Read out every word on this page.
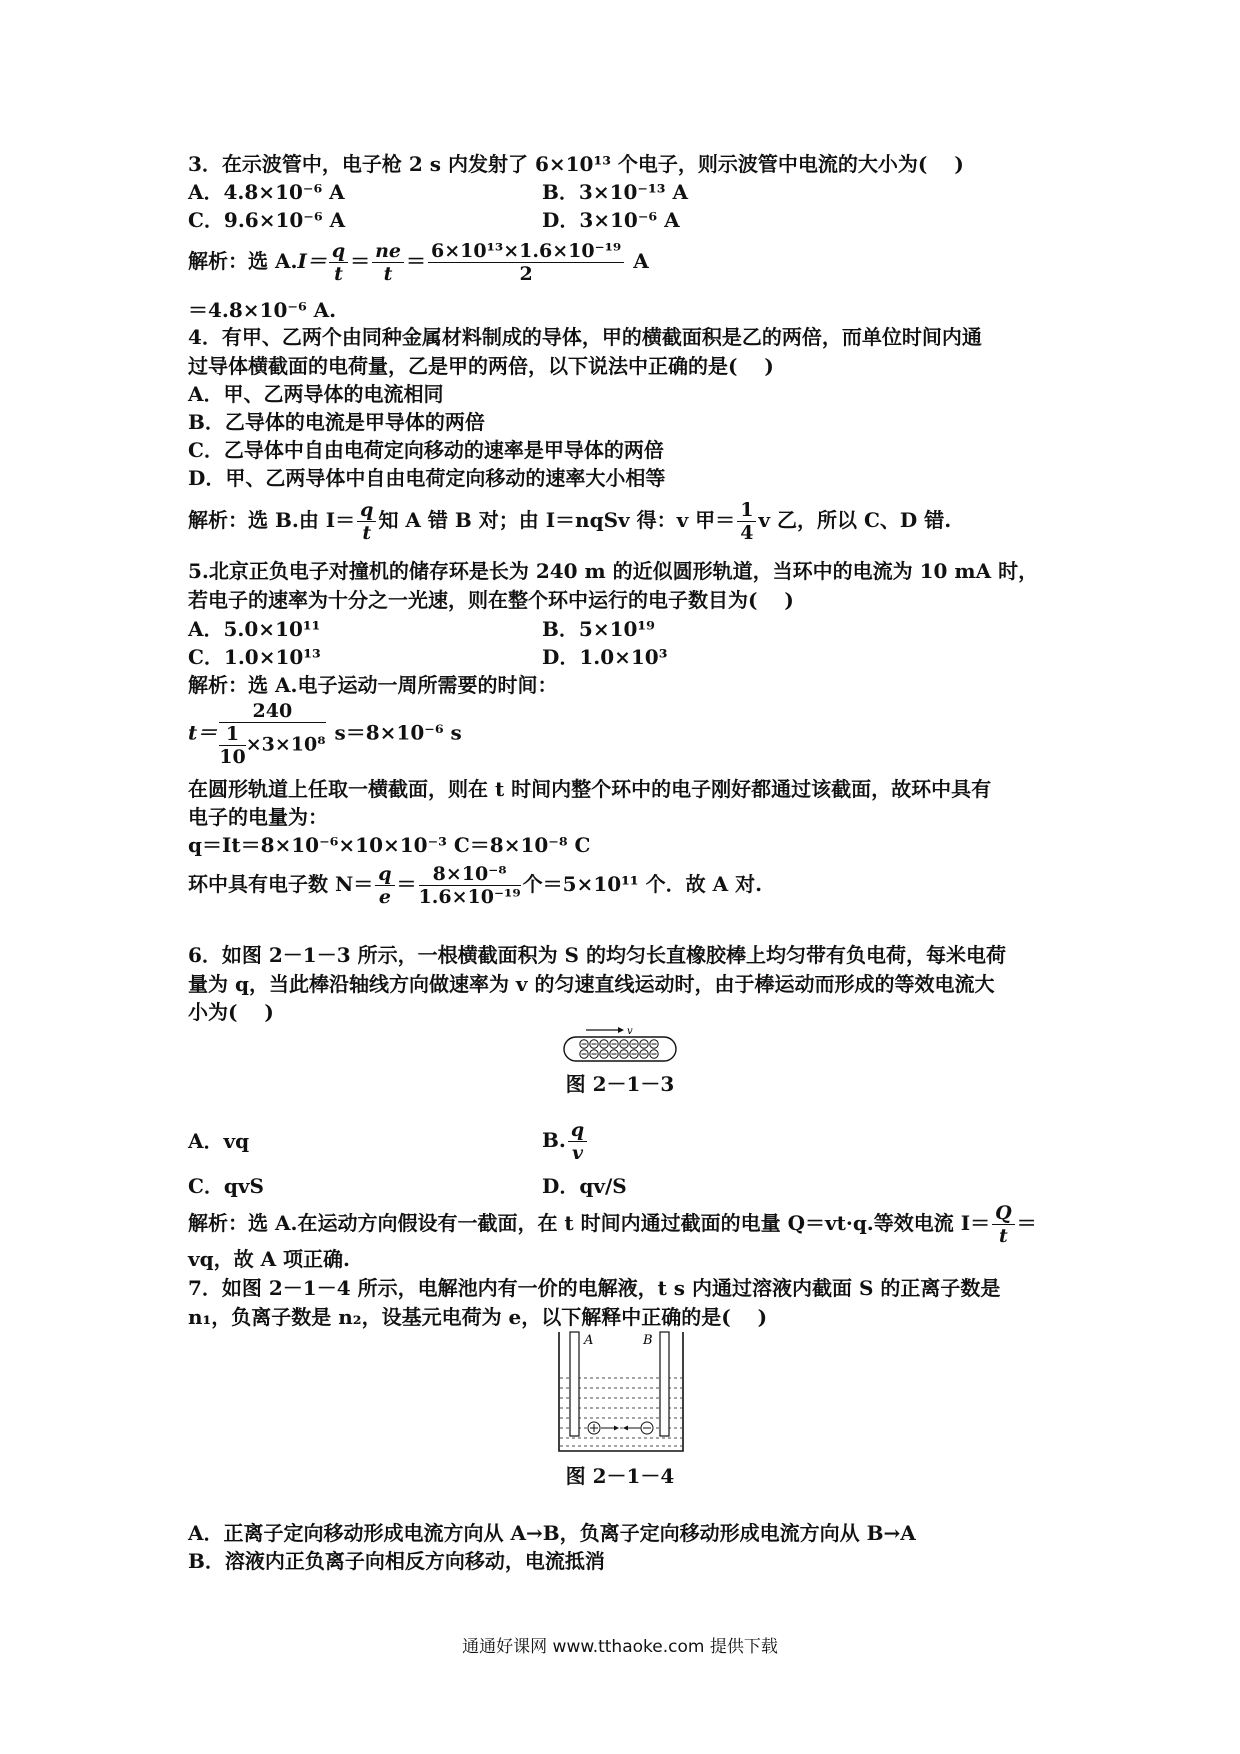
3．在示波管中，电子枪 2 s 内发射了 6×10¹³ 个电子，则示波管中电流的大小为(　 )
A．4.8×10⁻⁶ A	B．3×10⁻¹³ A
C．9.6×10⁻⁶ A	D．3×10⁻⁶ A
解析：选 $A.I= \frac{q}{t} = \frac{ne}{t} = \frac{\text{6×10¹³×1.6×10⁻¹⁹}}{2}$ A
＝4.8×10⁻⁶ A.
4．有甲、乙两个由同种金属材料制成的导体，甲的横截面积是乙的两倍，而单位时间内通
过导体横截面的电荷量，乙是甲的两倍，以下说法中正确的是(　 )
A．甲、乙两导体的电流相同
B．乙导体的电流是甲导体的两倍
C．乙导体中自由电荷定向移动的速率是甲导体的两倍
D．甲、乙两导体中自由电荷定向移动的速率大小相等
解析：选 B.由 $I= \frac{q}{t}$ 知 A 错 B 对；由 I＝nqSv 得：v 甲＝ $\frac{1}{4}$ v 乙，所以 C、D 错.
5.北京正负电子对撞机的储存环是长为 240 m 的近似圆形轨道，当环中的电流为 10 mA 时，
若电子的速率为十分之一光速，则在整个环中运行的电子数目为(　 )
A．5.0×10¹¹	B．5×10¹⁹
C．1.0×10¹³	D．1.0×10³
解析：选 A.电子运动一周所需要的时间：
$t= \frac{240}{\frac{1}{10} \times 3\times 10^8} s=8\times 10^{-6}$ s
在圆形轨道上任取一横截面，则在 t 时间内整个环中的电子刚好都通过该截面，故环中具有
电子的电量为：
q＝It＝8×10⁻⁶×10×10⁻³ C＝8×10⁻⁸ C
环中具有电子数 $N= \frac{q}{e} = \frac{\text{8×10⁻⁸}}{\text{1.6×10⁻¹⁹}}$ 个＝5×10¹¹ 个．故 A 对.
6．如图 2－1－3 所示，一根横截面积为 S 的均匀长直橡胶棒上均匀带有负电荷，每米电荷
量为 q，当此棒沿轴线方向做速率为 v 的匀速直线运动时，由于棒运动而形成的等效电流大
小为(　 )
v
图 2－1－3
A．vq	B. $\frac{q}{v}$
C．qvS	D．qv/S
解析：选 A.在运动方向假设有一截面，在 t 时间内通过截面的电量 Q＝vt·q.等效电流 $I= \frac{Q}{t}$ ＝
vq，故 A 项正确.
7．如图 2－1－4 所示，电解池内有一价的电解液，t s 内通过溶液内截面 S 的正离子数是
n₁，负离子数是 n₂，设基元电荷为 e，以下解释中正确的是(　 )
A	B
图 2－1－4
A．正离子定向移动形成电流方向从 A→B，负离子定向移动形成电流方向从 B→A
B．溶液内正负离子向相反方向移动，电流抵消
通通好课网 www.tthaoke.com 提供下载
